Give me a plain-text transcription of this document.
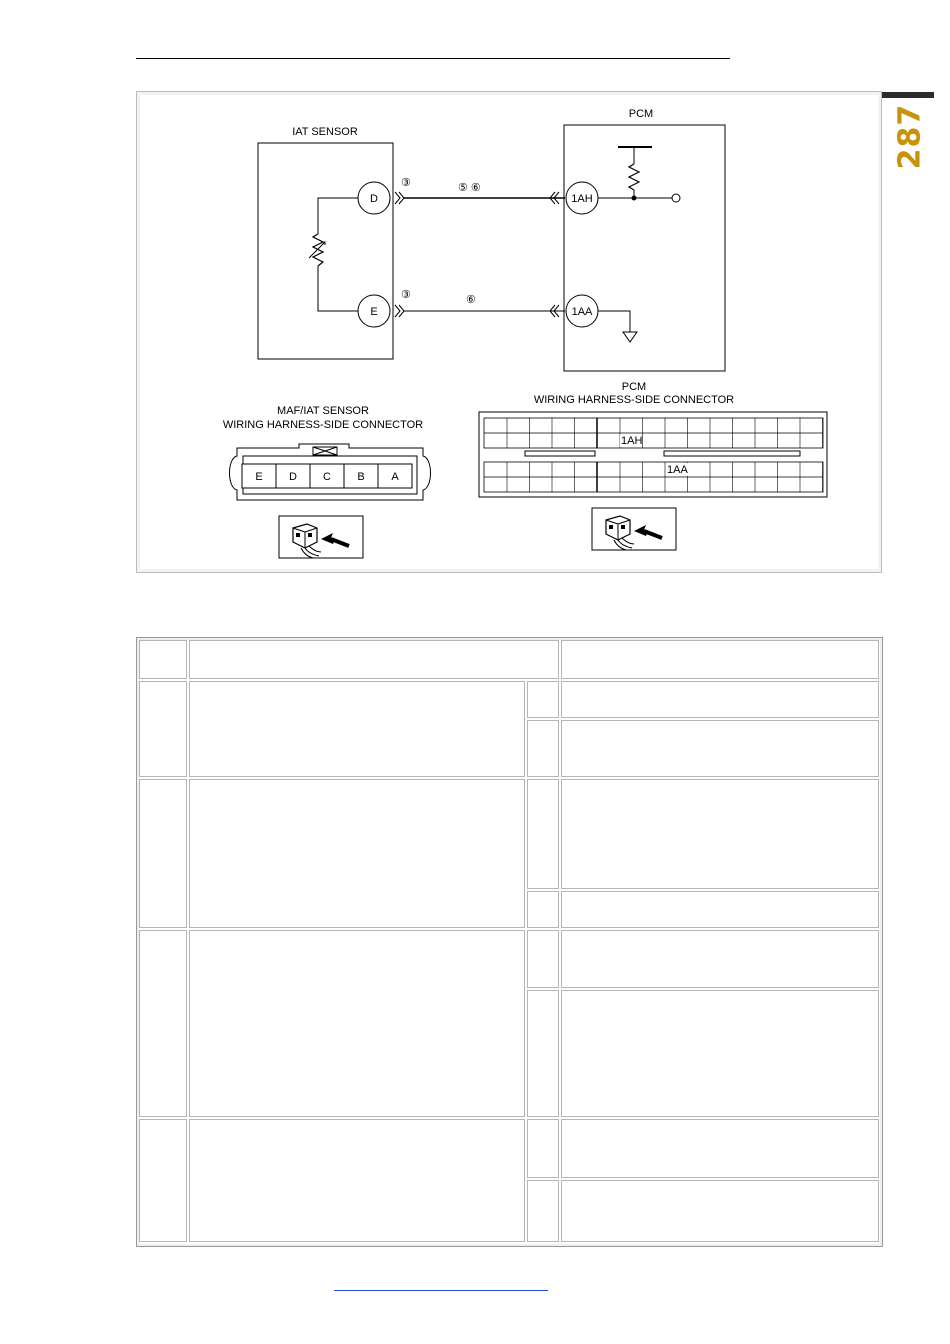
287
IAT SENSOR
D
E
③	⑤ ⑥
③	⑥
PCM
1AH
1AA
MAF/IAT SENSOR
WIRING HARNESS-SIDE CONNECTOR
E D C B A
PCM
WIRING HARNESS-SIDE CONNECTOR
1AH
1AA
